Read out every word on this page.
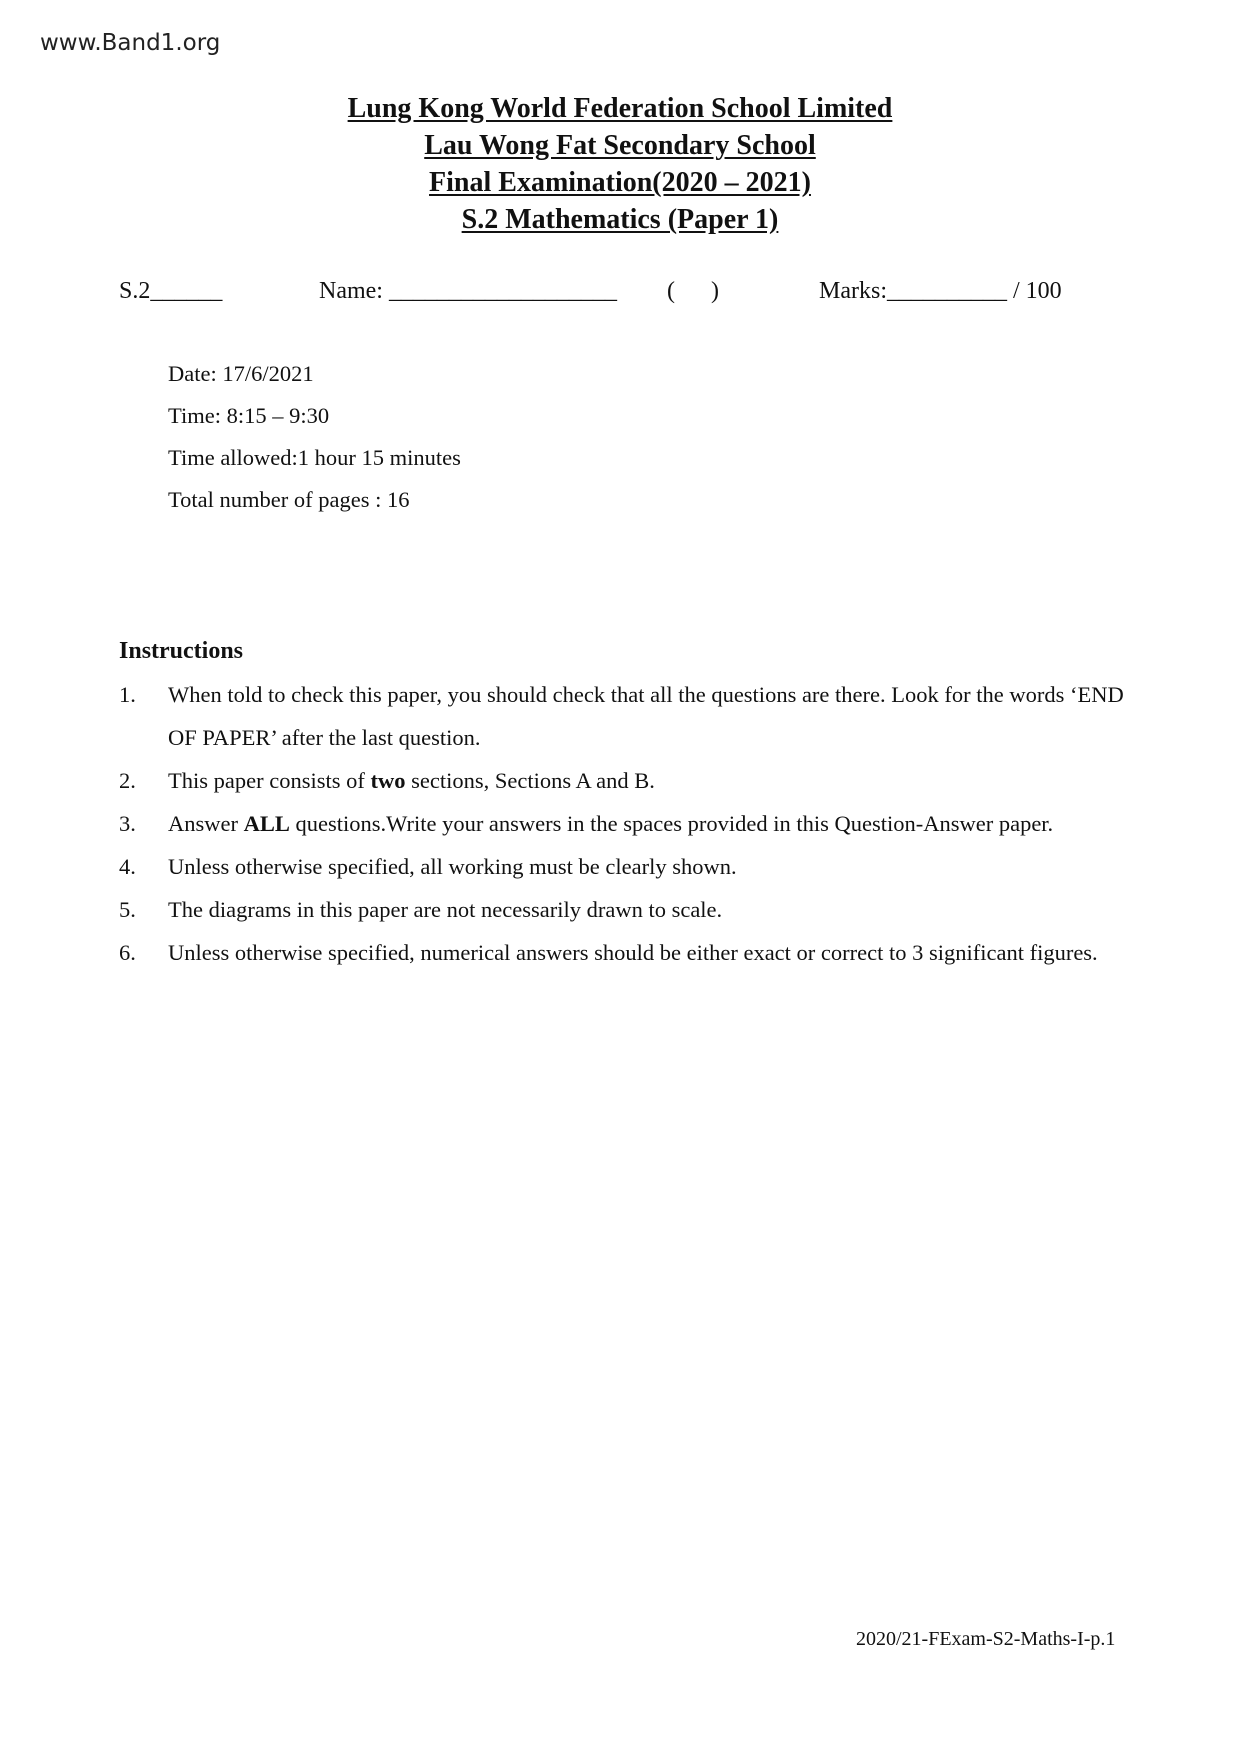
www.Band1.org
Lung Kong World Federation School Limited
Lau Wong Fat Secondary School
Final Examination(2020 – 2021)
S.2 Mathematics (Paper 1)
S.2______	Name: ___________________ (      )	Marks:__________ / 100
Date: 17/6/2021
Time: 8:15 – 9:30
Time allowed:1 hour 15 minutes
Total number of pages : 16
Instructions
1. When told to check this paper, you should check that all the questions are there. Look for the words ‘END OF PAPER’ after the last question.
2. This paper consists of two sections, Sections A and B.
3. Answer ALL questions.Write your answers in the spaces provided in this Question-Answer paper.
4. Unless otherwise specified, all working must be clearly shown.
5. The diagrams in this paper are not necessarily drawn to scale.
6. Unless otherwise specified, numerical answers should be either exact or correct to 3 significant figures.
2020/21-FExam-S2-Maths-I-p.1
